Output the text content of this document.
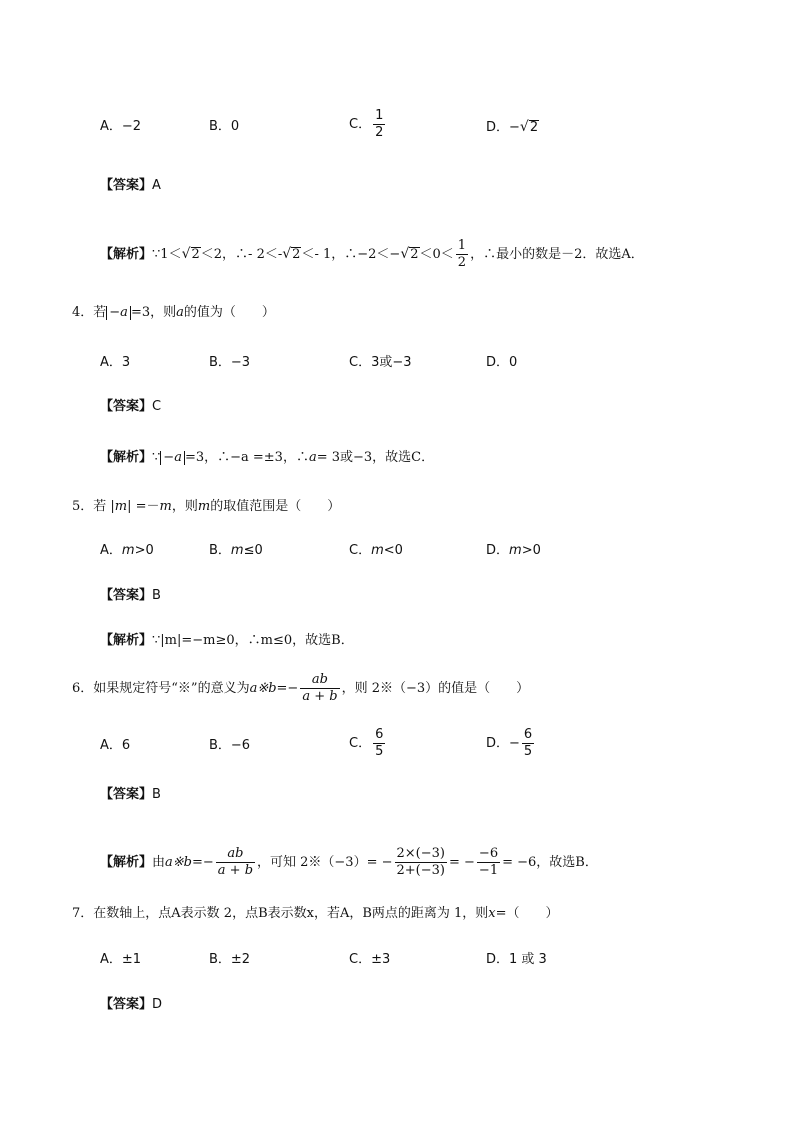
A．−2	B．0	C． $\frac{1}{2}$	D．−√2
【答案】A
【解析】∵1＜√2＜2，∴- 2＜-√2＜- 1，∴−2＜−√2＜0＜ $\frac{1}{2}$ ，∴最小的数是－2．故选A．
4．若 −a =3，则a的值为（　　）
A．3	B．−3	C．3或−3	D．0
【答案】C
【解析】∵ −a =3，∴−a =±3，∴a= 3或−3，故选C．
5．若 |m| =－m，则m的取值范围是（　　）
A．m>0	B．m≤0	C．m<0	D．m>0
【答案】B
【解析】∵|m|=−m≥0，∴m≤0，故选B．
6．如果规定符号“※”的意义为a※b=− $\frac{ab}{a + b}$ ，则 2※（−3）的值是（　　）
A．6	B．−6	C． $\frac{6}{5}$	D．− $\frac{6}{5}$
【答案】B
【解析】由a※b=− $\frac{ab}{a + b}$ ，可知 2※（−3）= − $\frac{2\times(-3)}{2+(-3)}$ = − $\frac{-6}{-1} = -6$，故选B．
7．在数轴上，点A表示数 2，点B表示数x，若A，B两点的距离为 1，则x=（　　）
A．±1	B．±2	C．±3	D．1 或 3
【答案】D
